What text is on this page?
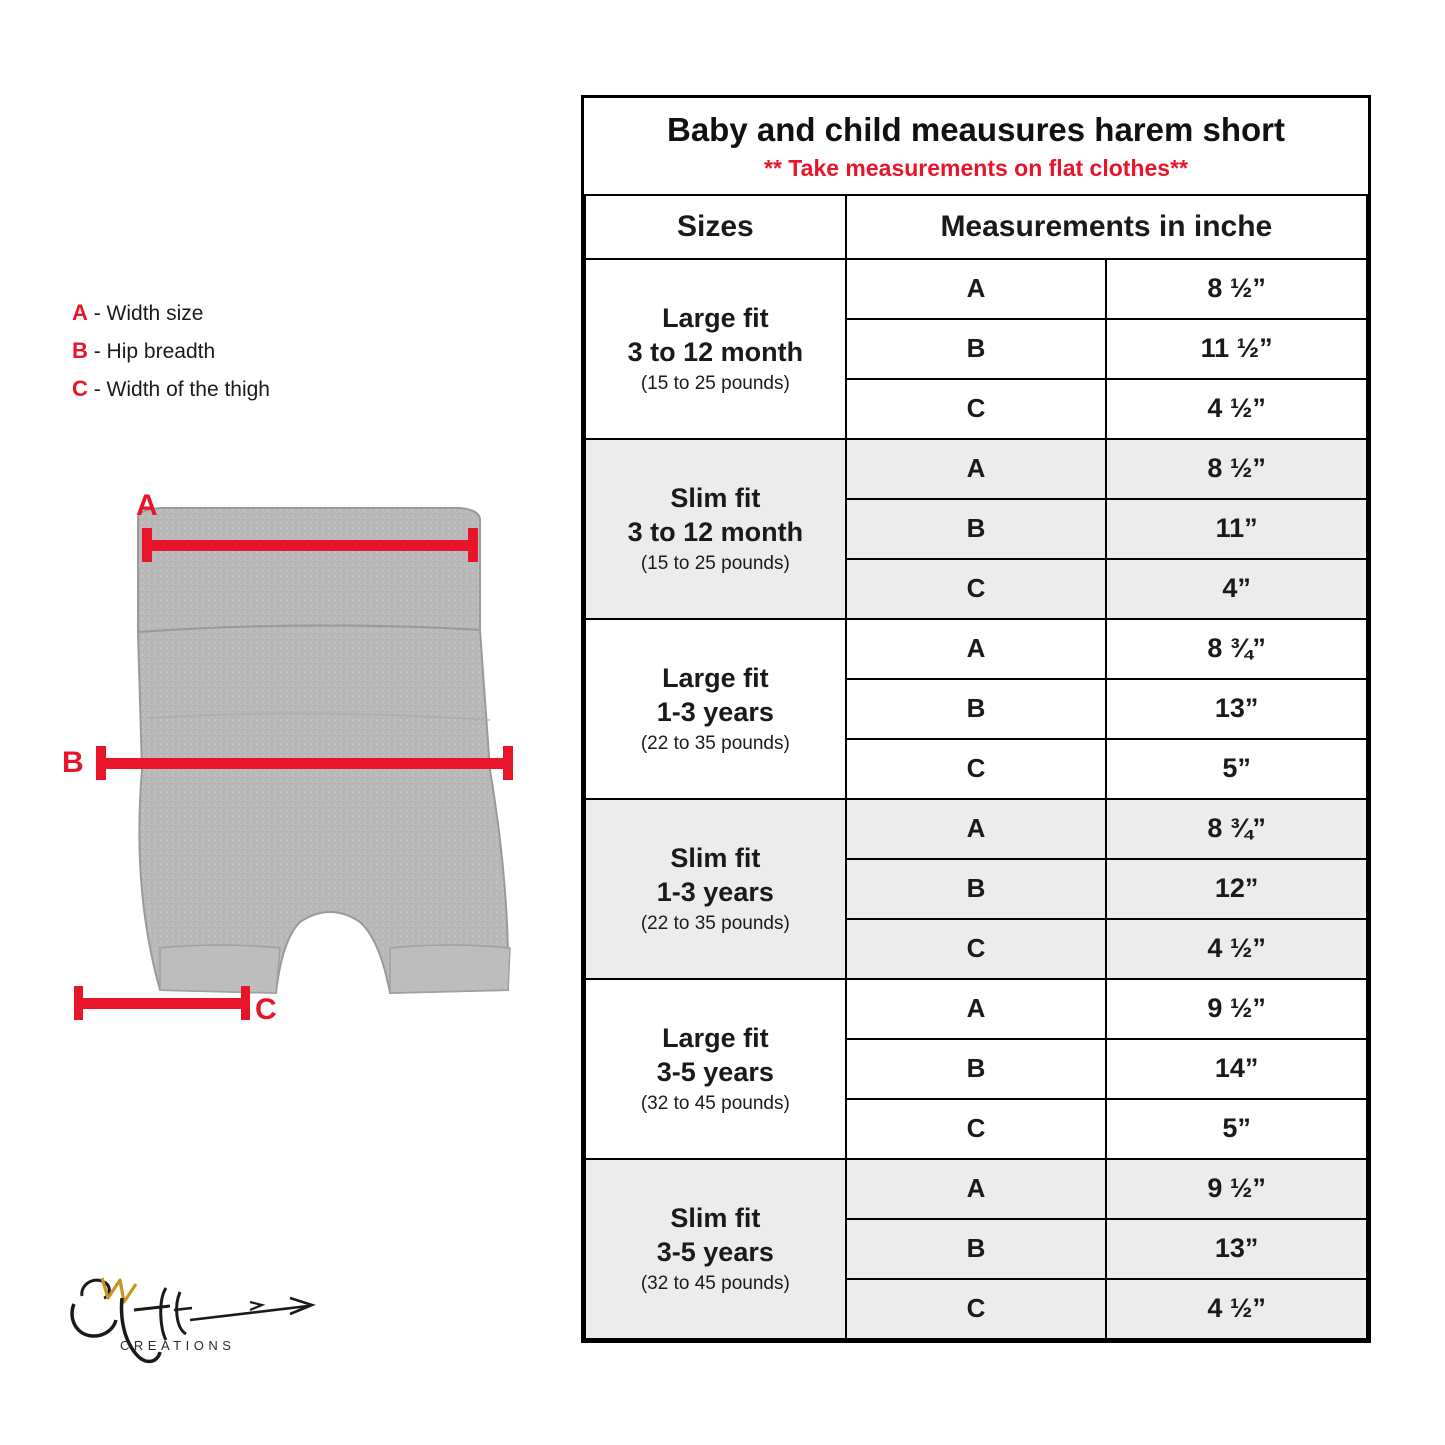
A - Width size
B - Hip breadth
C - Width of the thigh
A
B
C
CREATIONS
Baby and child meausures harem short
** Take measurements on flat clothes**		

Sizes	Measurements in inche	

Large fit
3 to 12 month
(15 to 25 pounds)	A	8 ½”
	B	11 ½”
	C	4 ½”

Slim fit
3 to 12 month
(15 to 25 pounds)	A	8 ½”
	B	11”
	C	4”

Large fit
1-3 years
(22 to 35 pounds)	A	8 ¾”
	B	13”
	C	5”

Slim fit
1-3 years
(22 to 35 pounds)	A	8 ¾”
	B	12”
	C	4 ½”

Large fit
3-5 years
(32 to 45 pounds)	A	9 ½”
	B	14”
	C	5”

Slim fit
3-5 years
(32 to 45 pounds)	A	9 ½”
	B	13”
	C	4 ½”
